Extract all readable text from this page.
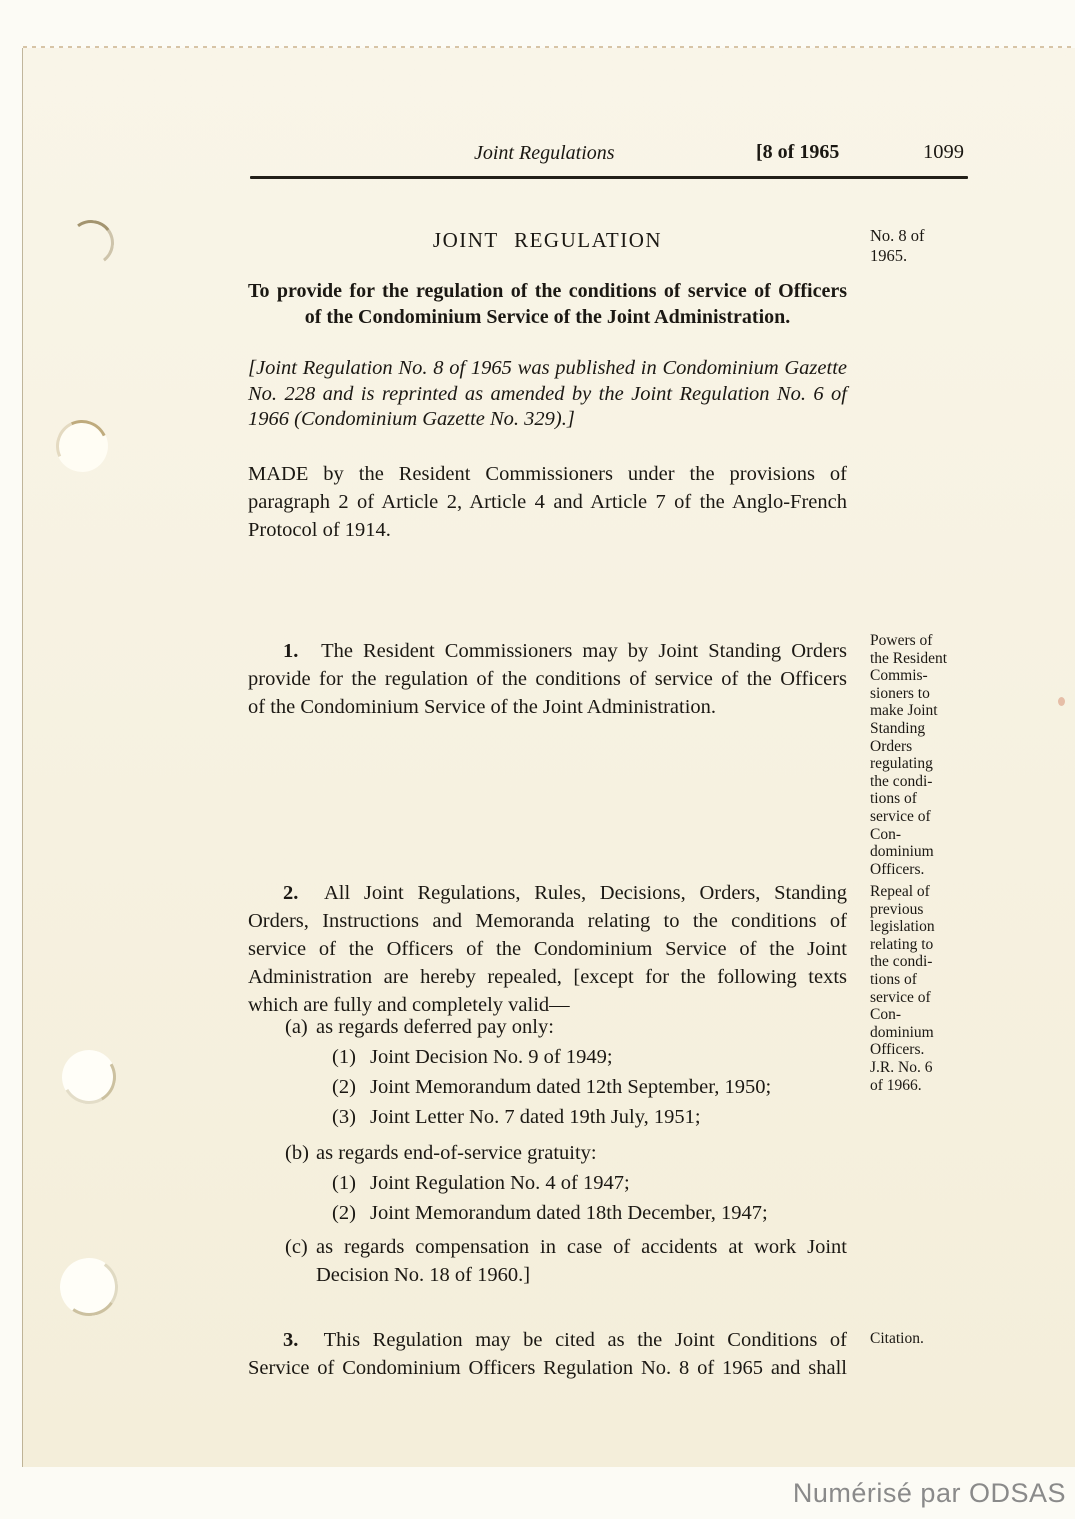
Joint Regulations	[8 of 1965	1099
JOINT REGULATION	No. 8 of
1965.
To provide for the regulation of the conditions of service of Officers
of the Condominium Service of the Joint Administration.
[Joint Regulation No. 8 of 1965 was published in Condominium Gazette
No. 228 and is reprinted as amended by the Joint Regulation No. 6 of
1966 (Condominium Gazette No. 329).]
MADE by the Resident Commissioners under the provisions of
paragraph 2 of Article 2, Article 4 and Article 7 of the Anglo-French
Protocol of 1914.
1. The Resident Commissioners may by Joint Standing Orders
provide for the regulation of the conditions of service of the Officers
of the Condominium Service of the Joint Administration.
Powers of
the Resident
Commis-
sioners to
make Joint
Standing
Orders
regulating
the condi-
tions of
service of
Con-
dominium
Officers.
2. All Joint Regulations, Rules, Decisions, Orders, Standing
Orders, Instructions and Memoranda relating to the conditions of
service of the Officers of the Condominium Service of the Joint
Administration are hereby repealed, [except for the following texts
which are fully and completely valid—
Repeal of
previous
legislation
relating to
the condi-
tions of
service of
Con-
dominium
Officers.
J.R. No. 6
of 1966.
(a) as regards deferred pay only:
(1) Joint Decision No. 9 of 1949;
(2) Joint Memorandum dated 12th September, 1950;
(3) Joint Letter No. 7 dated 19th July, 1951;
(b) as regards end-of-service gratuity:
(1) Joint Regulation No. 4 of 1947;
(2) Joint Memorandum dated 18th December, 1947;
(c) as regards compensation in case of accidents at work Joint
Decision No. 18 of 1960.]
3. This Regulation may be cited as the Joint Conditions of
Service of Condominium Officers Regulation No. 8 of 1965 and shall
Citation.
Numérisé par ODSAS
